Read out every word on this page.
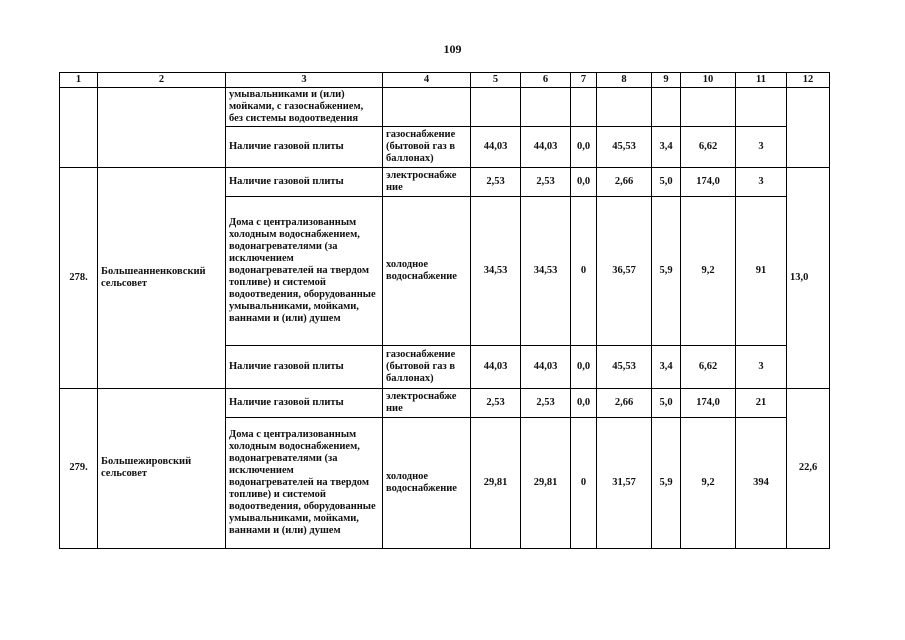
109
1	2	3	4	5	6	7	8	9	10	11	12
		умывальниками и (или) мойками, с газоснабжением, без системы водоотведения									
		Наличие газовой плиты	газоснабжение (бытовой газ в баллонах)	44,03	44,03	0,0	45,53	3,4	6,62	3	
278.	Большеанненковский сельсовет	Наличие газовой плиты	электроснабже ние	2,53	2,53	0,0	2,66	5,0	174,0	3	13,0
		Дома с централизованным холодным водоснабжением, водонагревателями (за исключением водонагревателей на твердом топливе) и системой водоотведения, оборудованные умывальниками, мойками, ваннами и (или) душем	холодное водоснабжение	34,53	34,53	0	36,57	5,9	9,2	91	
		Наличие газовой плиты	газоснабжение (бытовой газ в баллонах)	44,03	44,03	0,0	45,53	3,4	6,62	3	
279.	Большежировский сельсовет	Наличие газовой плиты	электроснабже ние	2,53	2,53	0,0	2,66	5,0	174,0	21	22,6
		Дома с централизованным холодным водоснабжением, водонагревателями (за исключением водонагревателей на твердом топливе) и системой водоотведения, оборудованные умывальниками, мойками, ваннами и (или) душем	холодное водоснабжение	29,81	29,81	0	31,57	5,9	9,2	394	
